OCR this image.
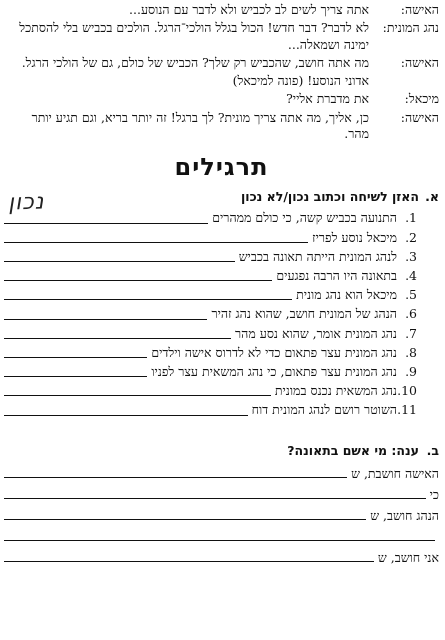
האישה:
אתה צריך לשים לב לכביש ולא לדבר עם הנוסע...
נהג המונית:
לא לדבר? דבר חדש! הכול בגלל הולכי־הרגל. הולכים בכביש בלי להסתכל ימינה ושמאלה...
האישה:
מה אתה חושב, שהכביש רק שלך? הכביש של כולם, גם של הולכי הרגל.
אדוני הנוסע! (פונה למיכאל)
מיכאל:
את מדברת אליי?
האישה:
כן, אליך, מה אתה צריך מונית? לך ברגל! זה יותר בריא, וגם תגיע יותר מהר.
תרגילים
א.
האזן לשיחה וכתוב נכון/לא נכון
1.
התנועה בכביש קשה, כי כולם ממהרים
נכון
2.
מיכאל נוסע לפריז
3.
לנהג המונית הייתה תאונה בכביש
4.
בתאונה היו הרבה נפגעים
5.
מיכאל הוא נהג מונית
6.
הנהג של המונית חושב, שהוא נהג זהיר
7.
נהג המונית אומר, שהוא נסע מהר
8.
נהג המונית עצר פתאום כדי לא לדרוס אישה וילדים
9.
נהג המונית עצר פתאום, כי נהג המשאית עצר לפניו
10.
נהג המשאית נכנס במונית
11.
השוטר רושם לנהג המונית דוח
ב.
ענה: מי אשם בתאונה?
האישה חושבת, ש
כי
הנהג חושב, ש
אני חושב, ש
